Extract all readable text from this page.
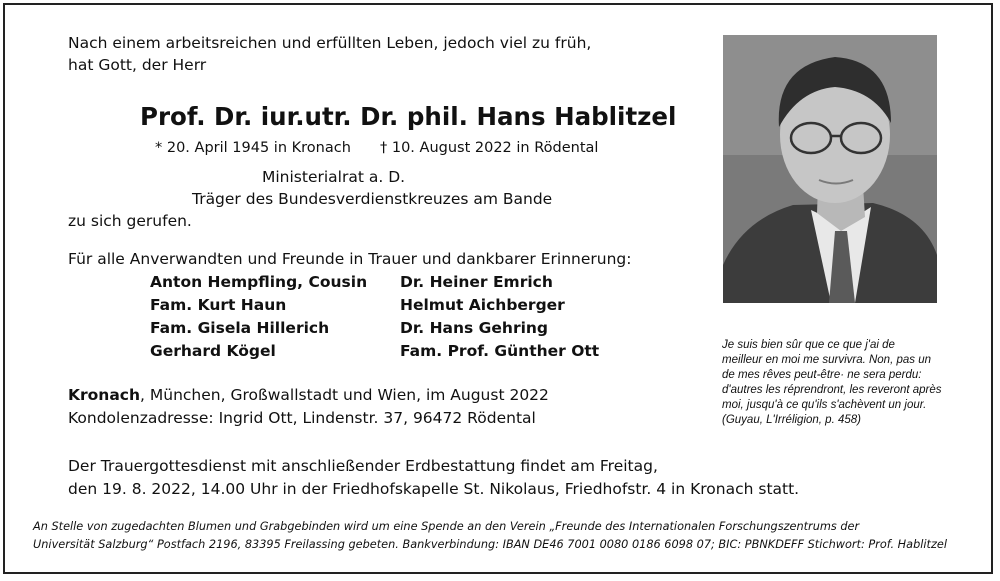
Nach einem arbeitsreichen und erfüllten Leben, jedoch viel zu früh,
hat Gott, der Herr
Prof. Dr. iur.utr. Dr. phil. Hans Hablitzel
* 20. April 1945 in Kronach † 10. August 2022 in Rödental
Ministerialrat a. D.
Träger des Bundesverdienstkreuzes am Bande
zu sich gerufen.
Für alle Anverwandten und Freunde in Trauer und dankbarer Erinnerung:
Anton Hempfling, Cousin
Fam. Kurt Haun
Fam. Gisela Hillerich
Gerhard Kögel
Dr. Heiner Emrich
Helmut Aichberger
Dr. Hans Gehring
Fam. Prof. Günther Ott
Kronach, München, Großwallstadt und Wien, im August 2022
Kondolenzadresse: Ingrid Ott, Lindenstr. 37, 96472 Rödental
Der Trauergottesdienst mit anschließender Erdbestattung findet am Freitag,
den 19. 8. 2022, 14.00 Uhr in der Friedhofskapelle St. Nikolaus, Friedhofstr. 4 in Kronach statt.
Je suis bien sûr que ce que j'ai de
meilleur en moi me survivra. Non, pas un
de mes rêves peut-être· ne sera perdu:
d'autres les réprendront, les reveront après
moi, jusqu'à ce qu'ils s'achèvent un jour.
(Guyau, L'Irréligion, p. 458)
An Stelle von zugedachten Blumen und Grabgebinden wird um eine Spende an den Verein „Freunde des Internationalen Forschungszentrums der
Universität Salzburg“ Postfach 2196, 83395 Freilassing gebeten. Bankverbindung: IBAN DE46 7001 0080 0186 6098 07; BIC: PBNKDEFF Stichwort: Prof. Hablitzel
